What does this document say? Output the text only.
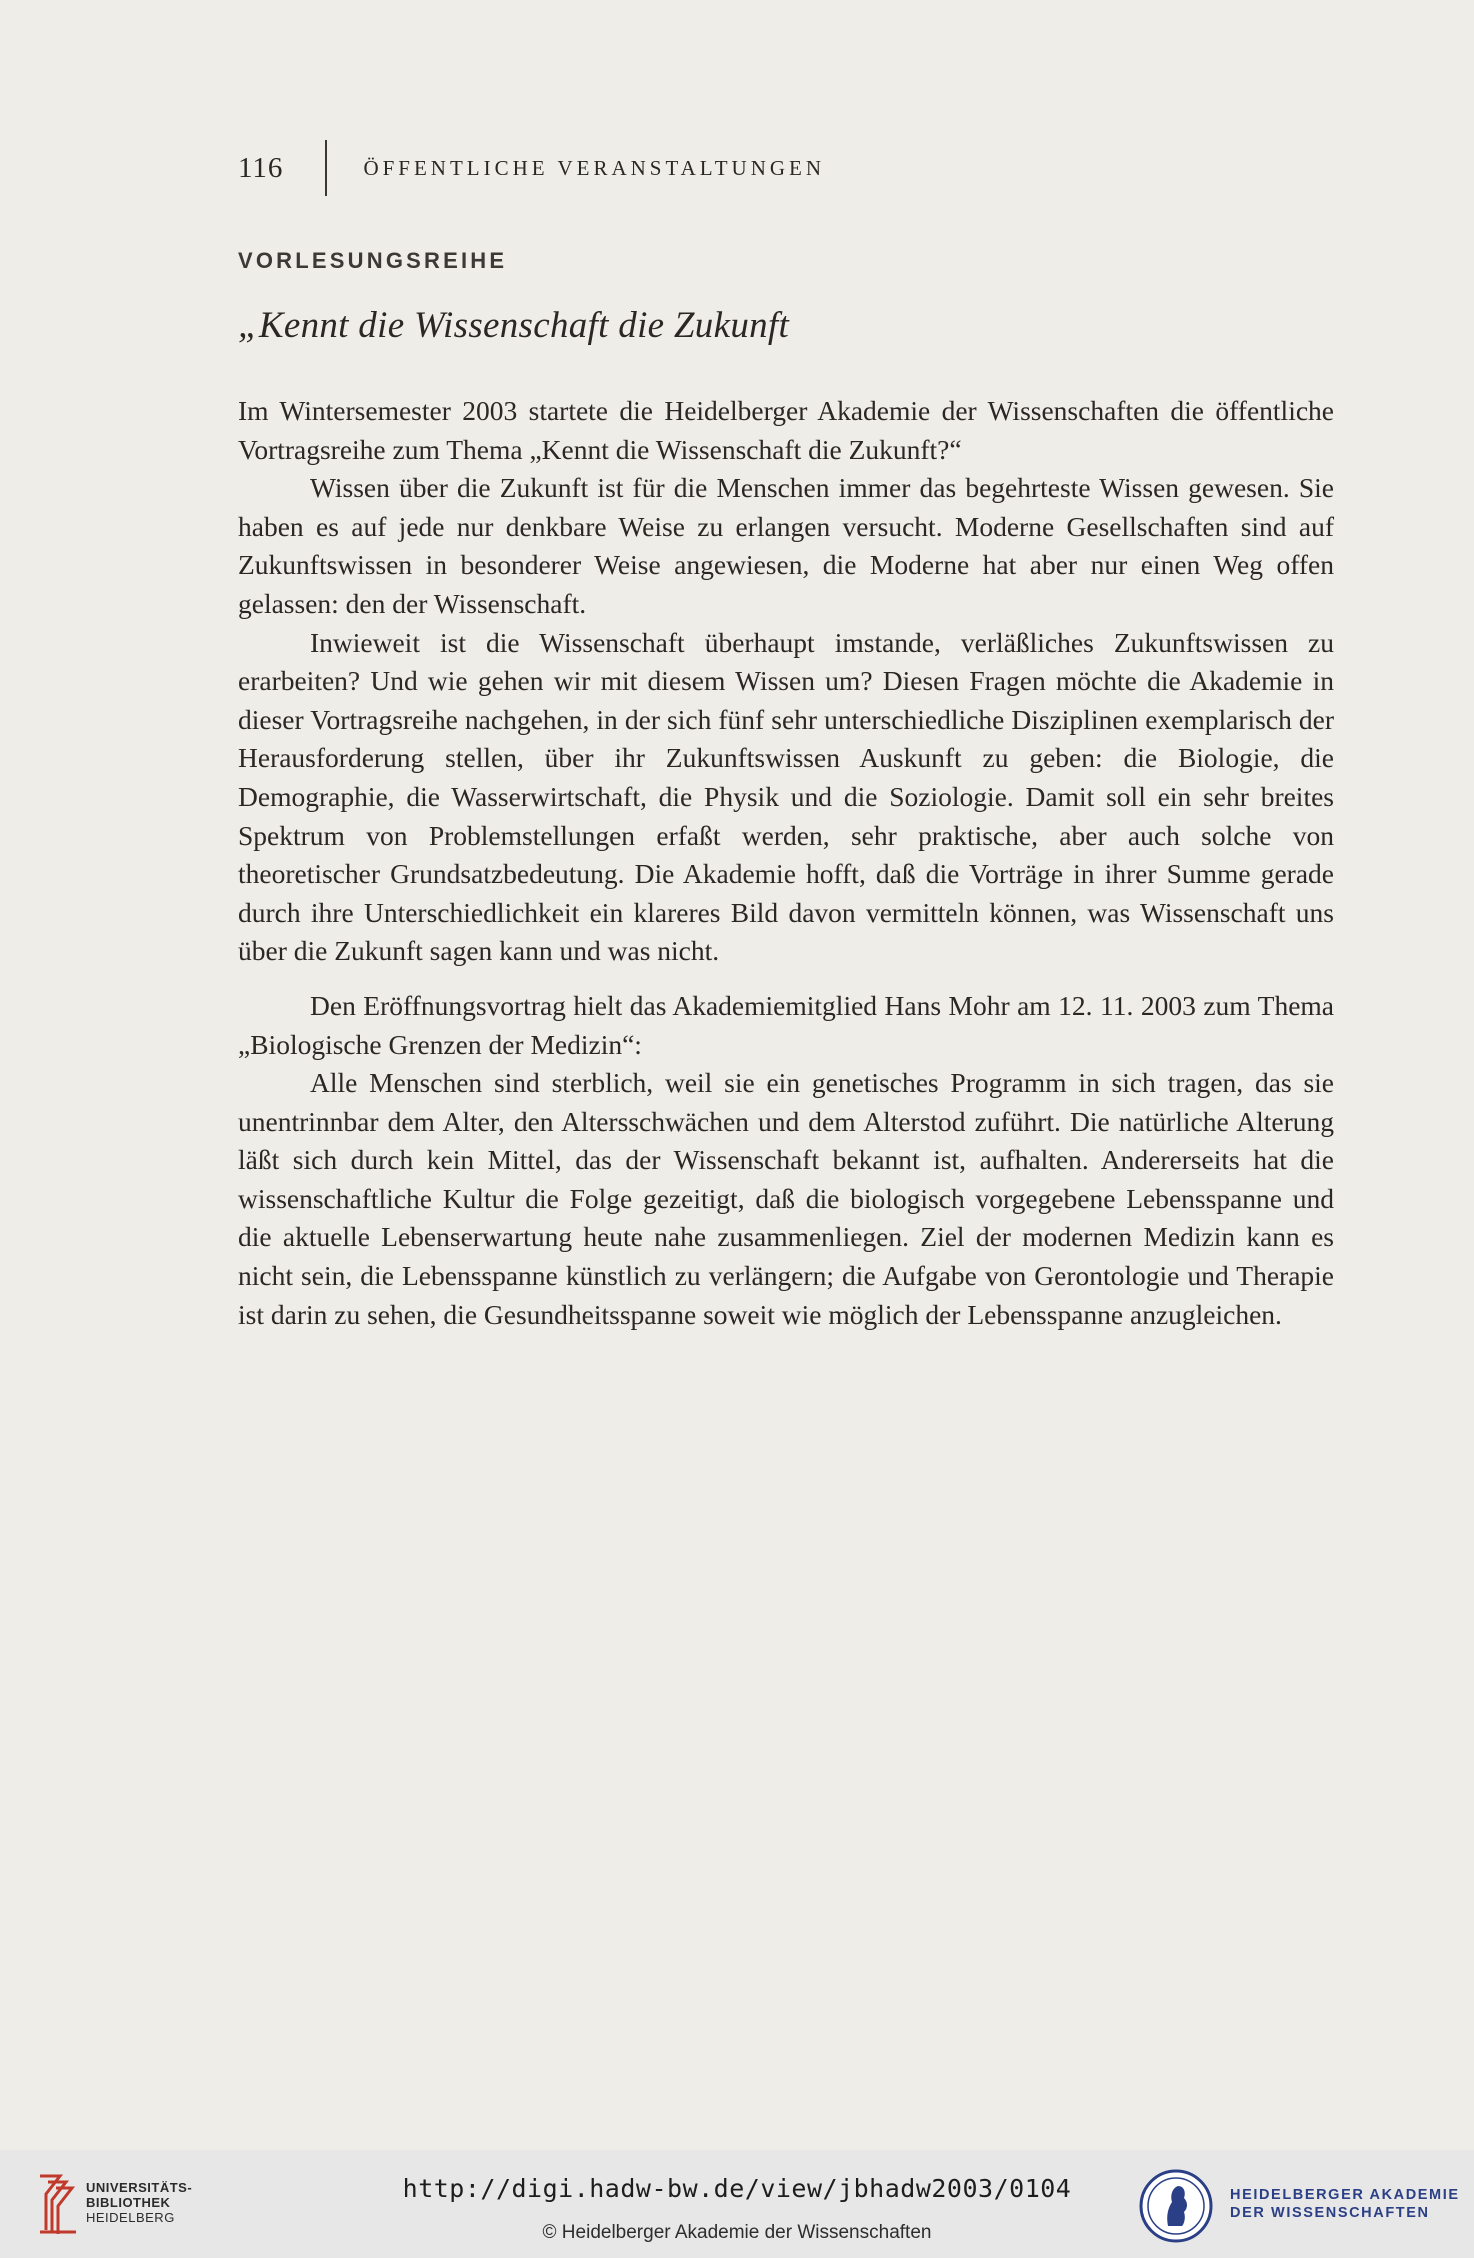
116	ÖFFENTLICHE VERANSTALTUNGEN
VORLESUNGSREIHE
„Kennt die Wissenschaft die Zukunft

Im Wintersemester 2003 startete die Heidelberger Akademie der Wissenschaften die öffentliche Vortragsreihe zum Thema „Kennt die Wissenschaft die Zukunft?“

Wissen über die Zukunft ist für die Menschen immer das begehrteste Wissen gewesen. Sie haben es auf jede nur denkbare Weise zu erlangen versucht. Moderne Gesellschaften sind auf Zukunftswissen in besonderer Weise angewiesen, die Moderne hat aber nur einen Weg offen gelassen: den der Wissenschaft.

Inwieweit ist die Wissenschaft überhaupt imstande, verläßliches Zukunftswissen zu erarbeiten? Und wie gehen wir mit diesem Wissen um? Diesen Fragen möchte die Akademie in dieser Vortragsreihe nachgehen, in der sich fünf sehr unterschiedliche Disziplinen exemplarisch der Herausforderung stellen, über ihr Zukunftswissen Auskunft zu geben: die Biologie, die Demographie, die Wasserwirtschaft, die Physik und die Soziologie. Damit soll ein sehr breites Spektrum von Problemstellungen erfaßt werden, sehr praktische, aber auch solche von theoretischer Grundsatzbedeutung. Die Akademie hofft, daß die Vorträge in ihrer Summe gerade durch ihre Unterschiedlichkeit ein klareres Bild davon vermitteln können, was Wissenschaft uns über die Zukunft sagen kann und was nicht.

Den Eröffnungsvortrag hielt das Akademiemitglied Hans Mohr am 12. 11. 2003 zum Thema „Biologische Grenzen der Medizin“:

Alle Menschen sind sterblich, weil sie ein genetisches Programm in sich tragen, das sie unentrinnbar dem Alter, den Altersschwächen und dem Alterstod zuführt. Die natürliche Alterung läßt sich durch kein Mittel, das der Wissenschaft bekannt ist, aufhalten. Andererseits hat die wissenschaftliche Kultur die Folge gezeitigt, daß die biologisch vorgegebene Lebensspanne und die aktuelle Lebenserwartung heute nahe zusammenliegen. Ziel der modernen Medizin kann es nicht sein, die Lebensspanne künstlich zu verlängern; die Aufgabe von Gerontologie und Therapie ist darin zu sehen, die Gesundheitsspanne soweit wie möglich der Lebensspanne anzugleichen.

UNIVERSITÄTS-
BIBLIOTHEK
HEIDELBERG
http://digi.hadw-bw.de/view/jbhadw2003/0104
© Heidelberger Akademie der Wissenschaften
HEIDELBERGER AKADEMIE
DER WISSENSCHAFTEN
